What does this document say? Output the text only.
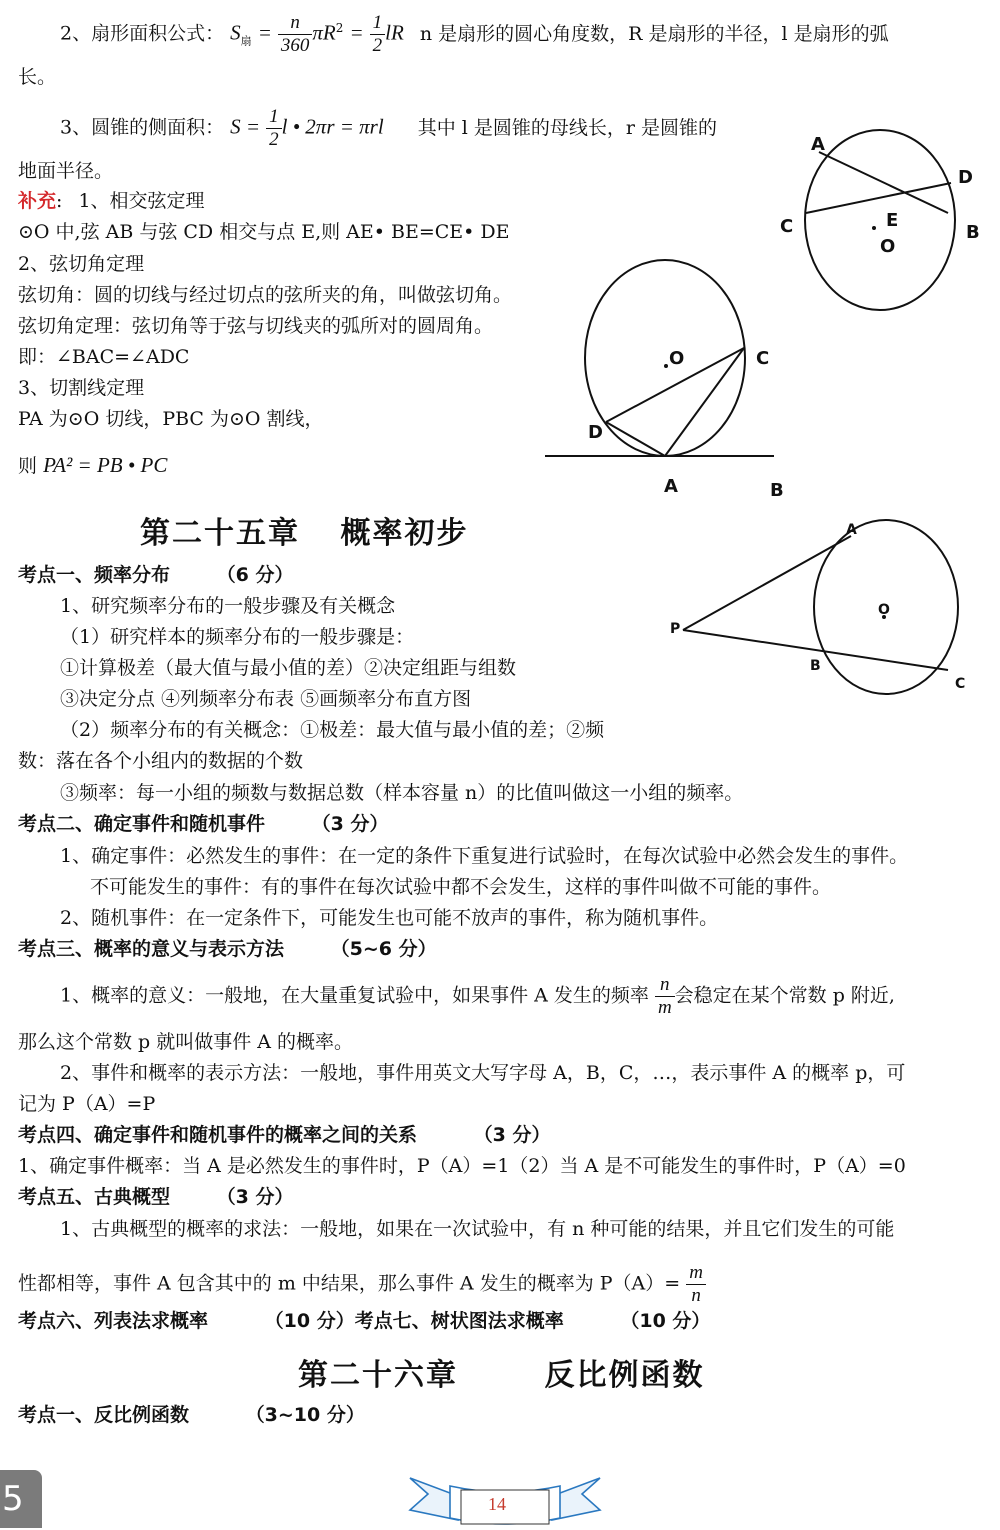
2、扇形面积公式： $S_扇 = \frac{n}{360} \pi R^2 = \frac{1}{2}$ lR n 是扇形的圆心角度数，R 是扇形的半径，l 是扇形的弧
长。
3、圆锥的侧面积： $S = \frac{1}{2}$ l • 2πr = πrl 其中 l 是圆锥的母线长，r 是圆锥的
地面半径。
补充: 1、相交弦定理
⊙O 中,弦 AB 与弦 CD 相交与点 E,则 AE• BE=CE• DE
2、弦切角定理
弦切角：圆的切线与经过切点的弦所夹的角，叫做弦切角。
弦切角定理：弦切角等于弦与切线夹的弧所对的圆周角。
即：∠BAC=∠ADC
3、切割线定理
PA 为⊙O 切线，PBC 为⊙O 割线，
则 PA² = PB • PC
A
D
C	E
O
B
O	C
D
A	B
第二十五章 概率初步	A
O
P
B
C
考点一、频率分布 （6 分）
1、研究频率分布的一般步骤及有关概念
（1）研究样本的频率分布的一般步骤是：
①计算极差（最大值与最小值的差）②决定组距与组数
③决定分点 ④列频率分布表 ⑤画频率分布直方图
（2）频率分布的有关概念：①极差：最大值与最小值的差；②频
数：落在各个小组内的数据的个数
③频率：每一小组的频数与数据总数（样本容量 n）的比值叫做这一小组的频率。
考点二、确定事件和随机事件 （3 分）
1、确定事件：必然发生的事件：在一定的条件下重复进行试验时，在每次试验中必然会发生的事件。
不可能发生的事件：有的事件在每次试验中都不会发生，这样的事件叫做不可能的事件。
2、随机事件：在一定条件下，可能发生也可能不放声的事件，称为随机事件。
考点三、概率的意义与表示方法 （5~6 分）
1、概率的意义：一般地，在大量重复试验中，如果事件 A 发生的频率 $\frac{n}{m}$ 会稳定在某个常数 p 附近,
那么这个常数 p 就叫做事件 A 的概率。
2、事件和概率的表示方法：一般地，事件用英文大写字母 A，B，C，…，表示事件 A 的概率 p，可
记为 P（A）=P
考点四、确定事件和随机事件的概率之间的关系	（3 分）
1、确定事件概率：当 A 是必然发生的事件时，P（A）=1（2）当 A 是不可能发生的事件时，P（A）=0
考点五、古典概型 （3 分）
1、古典概型的概率的求法：一般地，如果在一次试验中，有 n 种可能的结果，并且它们发生的可能
性都相等，事件 A 包含其中的 m 中结果，那么事件 A 发生的概率为 $P(A)= \frac{m}{n}$
考点六、列表法求概率	（10 分）考点七、树状图法求概率	（10 分）
第二十六章	反比例函数
考点一、反比例函数	（3~10 分）
5	14
